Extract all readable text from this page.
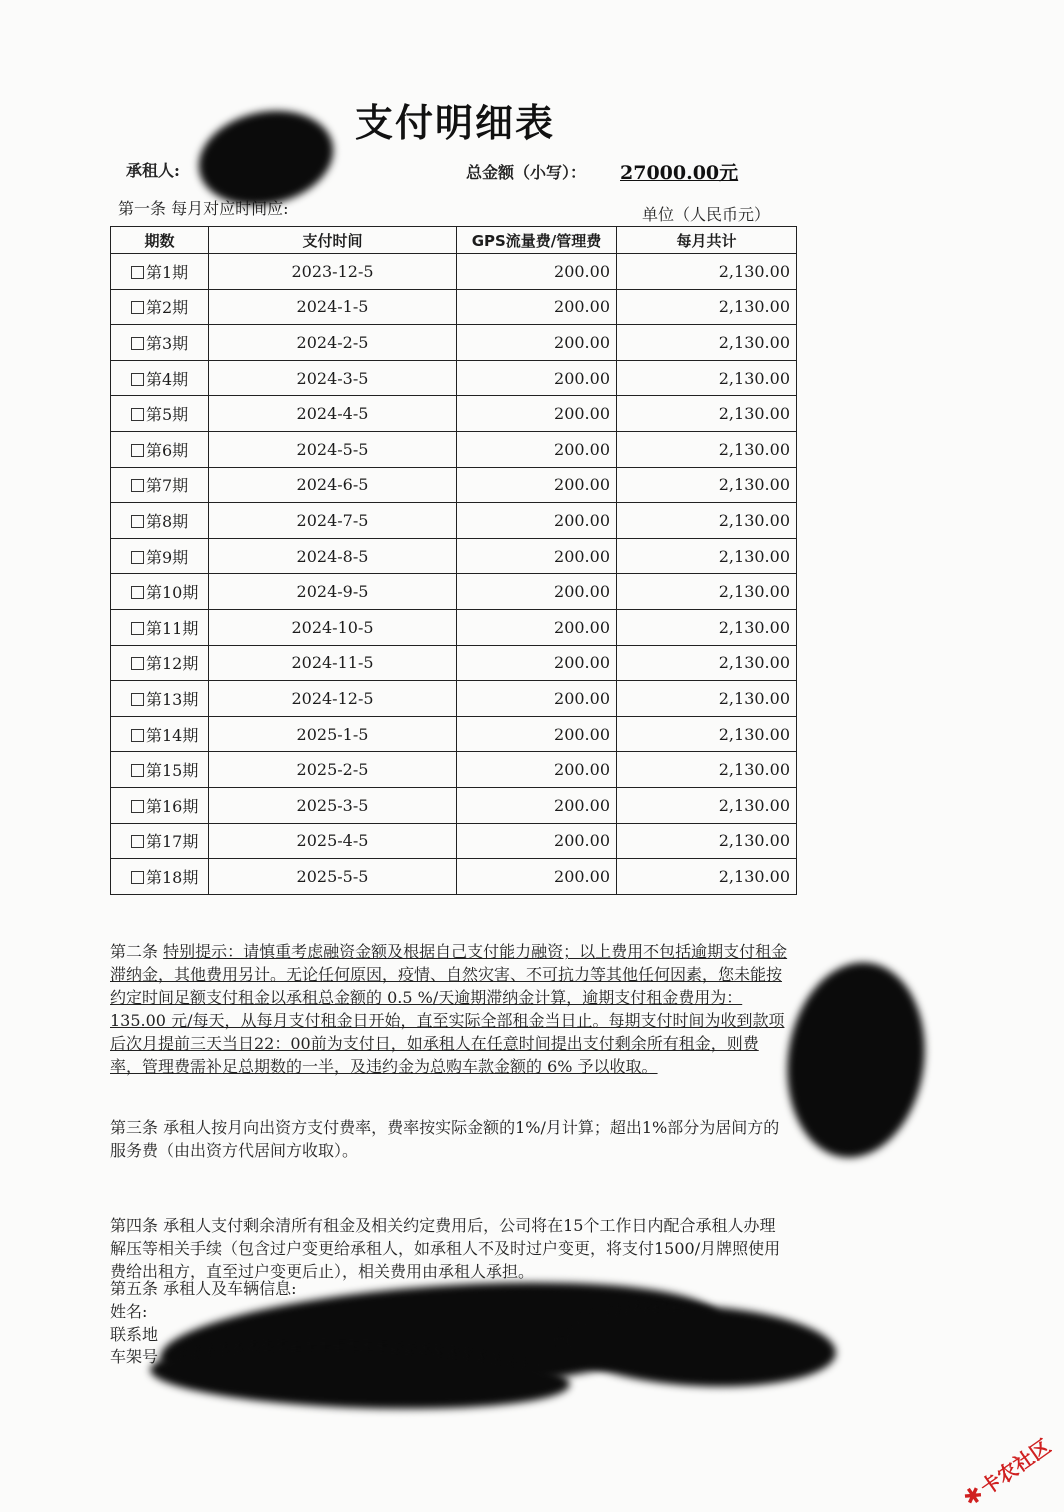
支付明细表
承租人:	总金额（小写）： 27000.00元
第一条 每月对应时间应:	单位（人民币元）
期数	支付时间	GPS流量费/管理费	每月共计
第1期	2023-12-5	200.00	2,130.00
第2期	2024-1-5	200.00	2,130.00
第3期	2024-2-5	200.00	2,130.00
第4期	2024-3-5	200.00	2,130.00
第5期	2024-4-5	200.00	2,130.00
第6期	2024-5-5	200.00	2,130.00
第7期	2024-6-5	200.00	2,130.00
第8期	2024-7-5	200.00	2,130.00
第9期	2024-8-5	200.00	2,130.00
第10期	2024-9-5	200.00	2,130.00
第11期	2024-10-5	200.00	2,130.00
第12期	2024-11-5	200.00	2,130.00
第13期	2024-12-5	200.00	2,130.00
第14期	2025-1-5	200.00	2,130.00
第15期	2025-2-5	200.00	2,130.00
第16期	2025-3-5	200.00	2,130.00
第17期	2025-4-5	200.00	2,130.00
第18期	2025-5-5	200.00	2,130.00
第二条 特别提示：请慎重考虑融资金额及根据自己支付能力融资；以上费用不包括逾期支付租金滞纳金，其他费用另计。无论任何原因，疫情、自然灾害、不可抗力等其他任何因素，您未能按约定时间足额支付租金以承租总金额的 0.5 %/天逾期滞纳金计算，逾期支付租金费用为：135.00 元/每天，从每月支付租金日开始，直至实际全部租金当日止。每期支付时间为收到款项后次月提前三天当日22：00前为支付日，如承租人在任意时间提出支付剩余所有租金，则费率，管理费需补足总期数的一半，及违约金为总购车款金额的 6% 予以收取。
第三条 承租人按月向出资方支付费率，费率按实际金额的1%/月计算；超出1%部分为居间方的服务费（由出资方代居间方收取）。
第四条 承租人支付剩余清所有租金及相关约定费用后，公司将在15个工作日内配合承租人办理解压等相关手续（包含过户变更给承租人，如承租人不及时过户变更，将支付1500/月牌照使用费给出租方，直至过户变更后止），相关费用由承租人承担。
第五条 承租人及车辆信息:
姓名:
联系地
车架号
✱卡农社区
